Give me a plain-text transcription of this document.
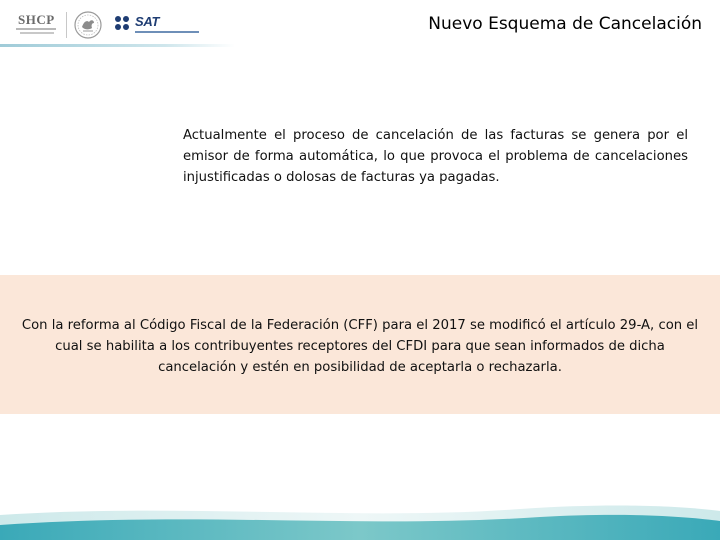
SHCP	SAT	Nuevo Esquema de Cancelación

Actualmente el proceso de cancelación de las facturas se genera por el emisor de forma automática, lo que provoca el problema de cancelaciones injustificadas o dolosas de facturas ya pagadas.

Con la reforma al Código Fiscal de la Federación (CFF) para el 2017 se modificó el artículo 29-A, con el cual se habilita a los contribuyentes receptores del CFDI para que sean informados de dicha cancelación y estén en posibilidad de aceptarla o rechazarla.
